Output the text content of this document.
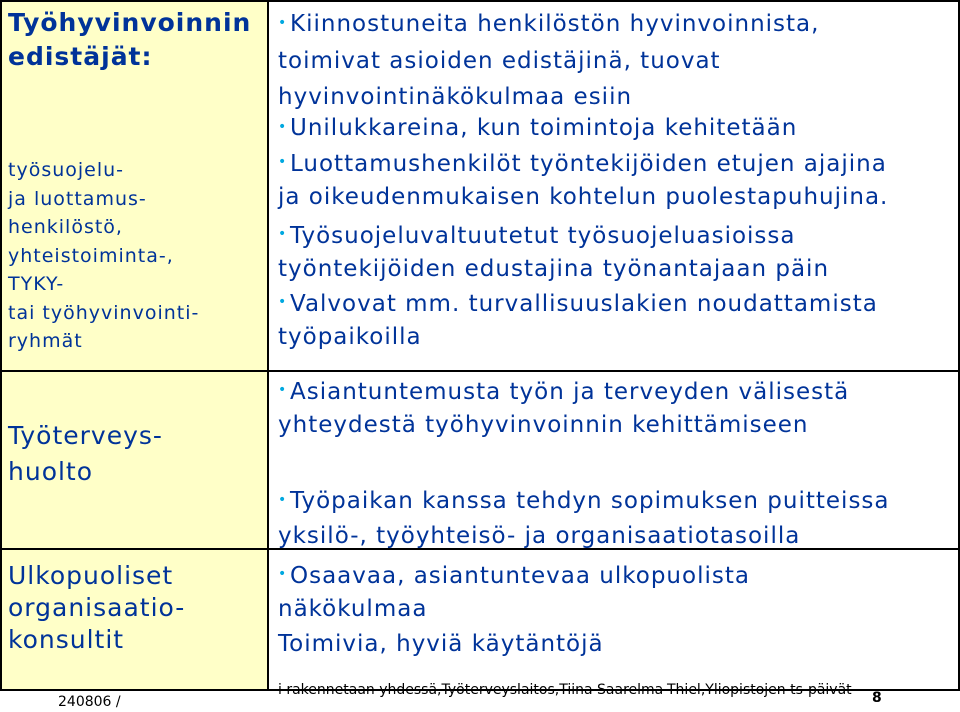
Työhyvinvoinnin
edistäjät:
työsuojelu-
ja luottamus-
henkilöstö,
yhteistoiminta-,
TYKY-
tai työhyvinvointi-
ryhmät
Työterveys-
huolto
Ulkopuoliset
organisaatio-
konsultit
• Kiinnostuneita henkilöstön hyvinvoinnista,
toimivat asioiden edistäjinä, tuovat
hyvinvointinäkökulmaa esiin
• Unilukkareina, kun toimintoja kehitetään
• Luottamushenkilöt työntekijöiden etujen ajajina
ja oikeudenmukaisen kohtelun puolestapuhujina.
• Työsuojeluvaltuutetut työsuojeluasioissa
työntekijöiden edustajina työnantajaan päin
• Valvovat mm. turvallisuuslakien noudattamista
työpaikoilla
• Asiantuntemusta työn ja terveyden välisestä
yhteydestä työhyvinvoinnin kehittämiseen
• Työpaikan kanssa tehdyn sopimuksen puitteissa
yksilö-, työyhteisö- ja organisaatiotasoilla
• Osaavaa, asiantuntevaa ulkopuolista
näkökulmaa
Toimivia, hyviä käytäntöjä
i rakennetaan yhdessä,Työterveyslaitos,Tiina Saarelma-Thiel,Yliopistojen ts-päivät
240806 /	8
